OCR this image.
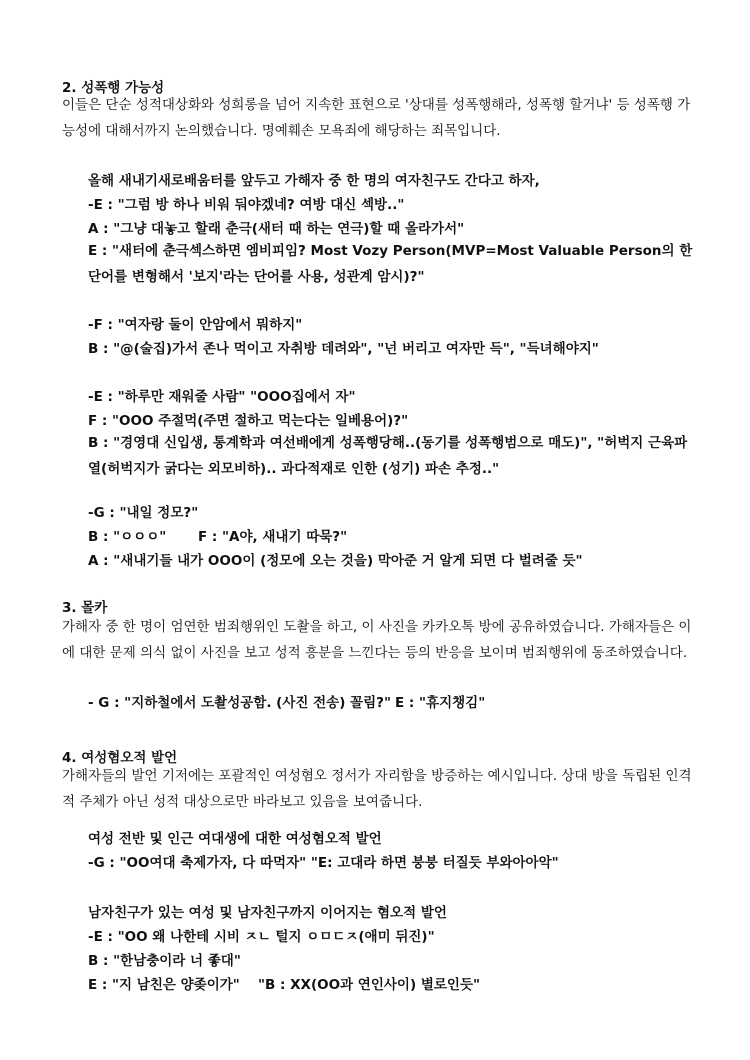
2. 성폭행 가능성
이들은 단순 성적대상화와 성희롱을 넘어 지속한 표현으로 '상대를 성폭행해라, 성폭행 할거냐' 등 성폭행 가능성에 대해서까지 논의했습니다. 명예훼손 모욕죄에 해당하는 죄목입니다.
올해 새내기새로배움터를 앞두고 가해자 중 한 명의 여자친구도 간다고 하자,
-E : "그럼 방 하나 비워 둬야겠네? 여방 대신 섹방.."
A : "그냥 대놓고 할래 춘극(새터 때 하는 연극)할 때 올라가서"
E : "새터에 춘극섹스하면 엠비피임? Most Vozy Person(MVP=Most Valuable Person의 한 단어를 변형해서 '보지'라는 단어를 사용, 성관계 암시)?"
-F : "여자랑 둘이 안암에서 뭐하지"
B : "@(술집)가서 존나 먹이고 자취방 데려와", "넌 버리고 여자만 득", "득녀해야지"
-E : "하루만 재워줄 사람" "OOO집에서 자"
F : "OOO 주절먹(주면 절하고 먹는다는 일베용어)?"
B : "경영대 신입생, 통계학과 여선배에게 성폭행당해..(동기를 성폭행범으로 매도)", "허벅지 근육파열(허벅지가 굵다는 외모비하).. 과다적재로 인한 (성기) 파손 추정.."
-G : "내일 정모?"
B : "ㅇㅇㅇ" F : "A야, 새내기 따묵?"
A : "새내기들 내가 OOO이 (정모에 오는 것을) 막아준 거 알게 되면 다 벌려줄 듯"
3. 몰카
가해자 중 한 명이 엄연한 범죄행위인 도촬을 하고, 이 사진을 카카오톡 방에 공유하였습니다. 가해자들은 이에 대한 문제 의식 없이 사진을 보고 성적 흥분을 느낀다는 등의 반응을 보이며 범죄행위에 동조하였습니다.
- G : "지하철에서 도촬성공함. (사진 전송) 꼴림?" E : "휴지챙김"
4. 여성혐오적 발언
가해자들의 발언 기저에는 포괄적인 여성혐오 정서가 자리함을 방증하는 예시입니다. 상대 방을 독립된 인격적 주체가 아닌 성적 대상으로만 바라보고 있음을 보여줍니다.
여성 전반 및 인근 여대생에 대한 여성혐오적 발언
-G : "OO여대 축제가자, 다 따먹자" "E: 고대라 하면 붕붕 터질듯 부와아아악"
남자친구가 있는 여성 및 남자친구까지 이어지는 혐오적 발언
-E : "OO 왜 나한테 시비 ㅈㄴ 털지 ㅇㅁㄷㅈ(애미 뒤진)"
B : "한남충이라 너 좋대"
E : "지 남친은 양좆이가" "B : XX(OO과 연인사이) 별로인듯"
